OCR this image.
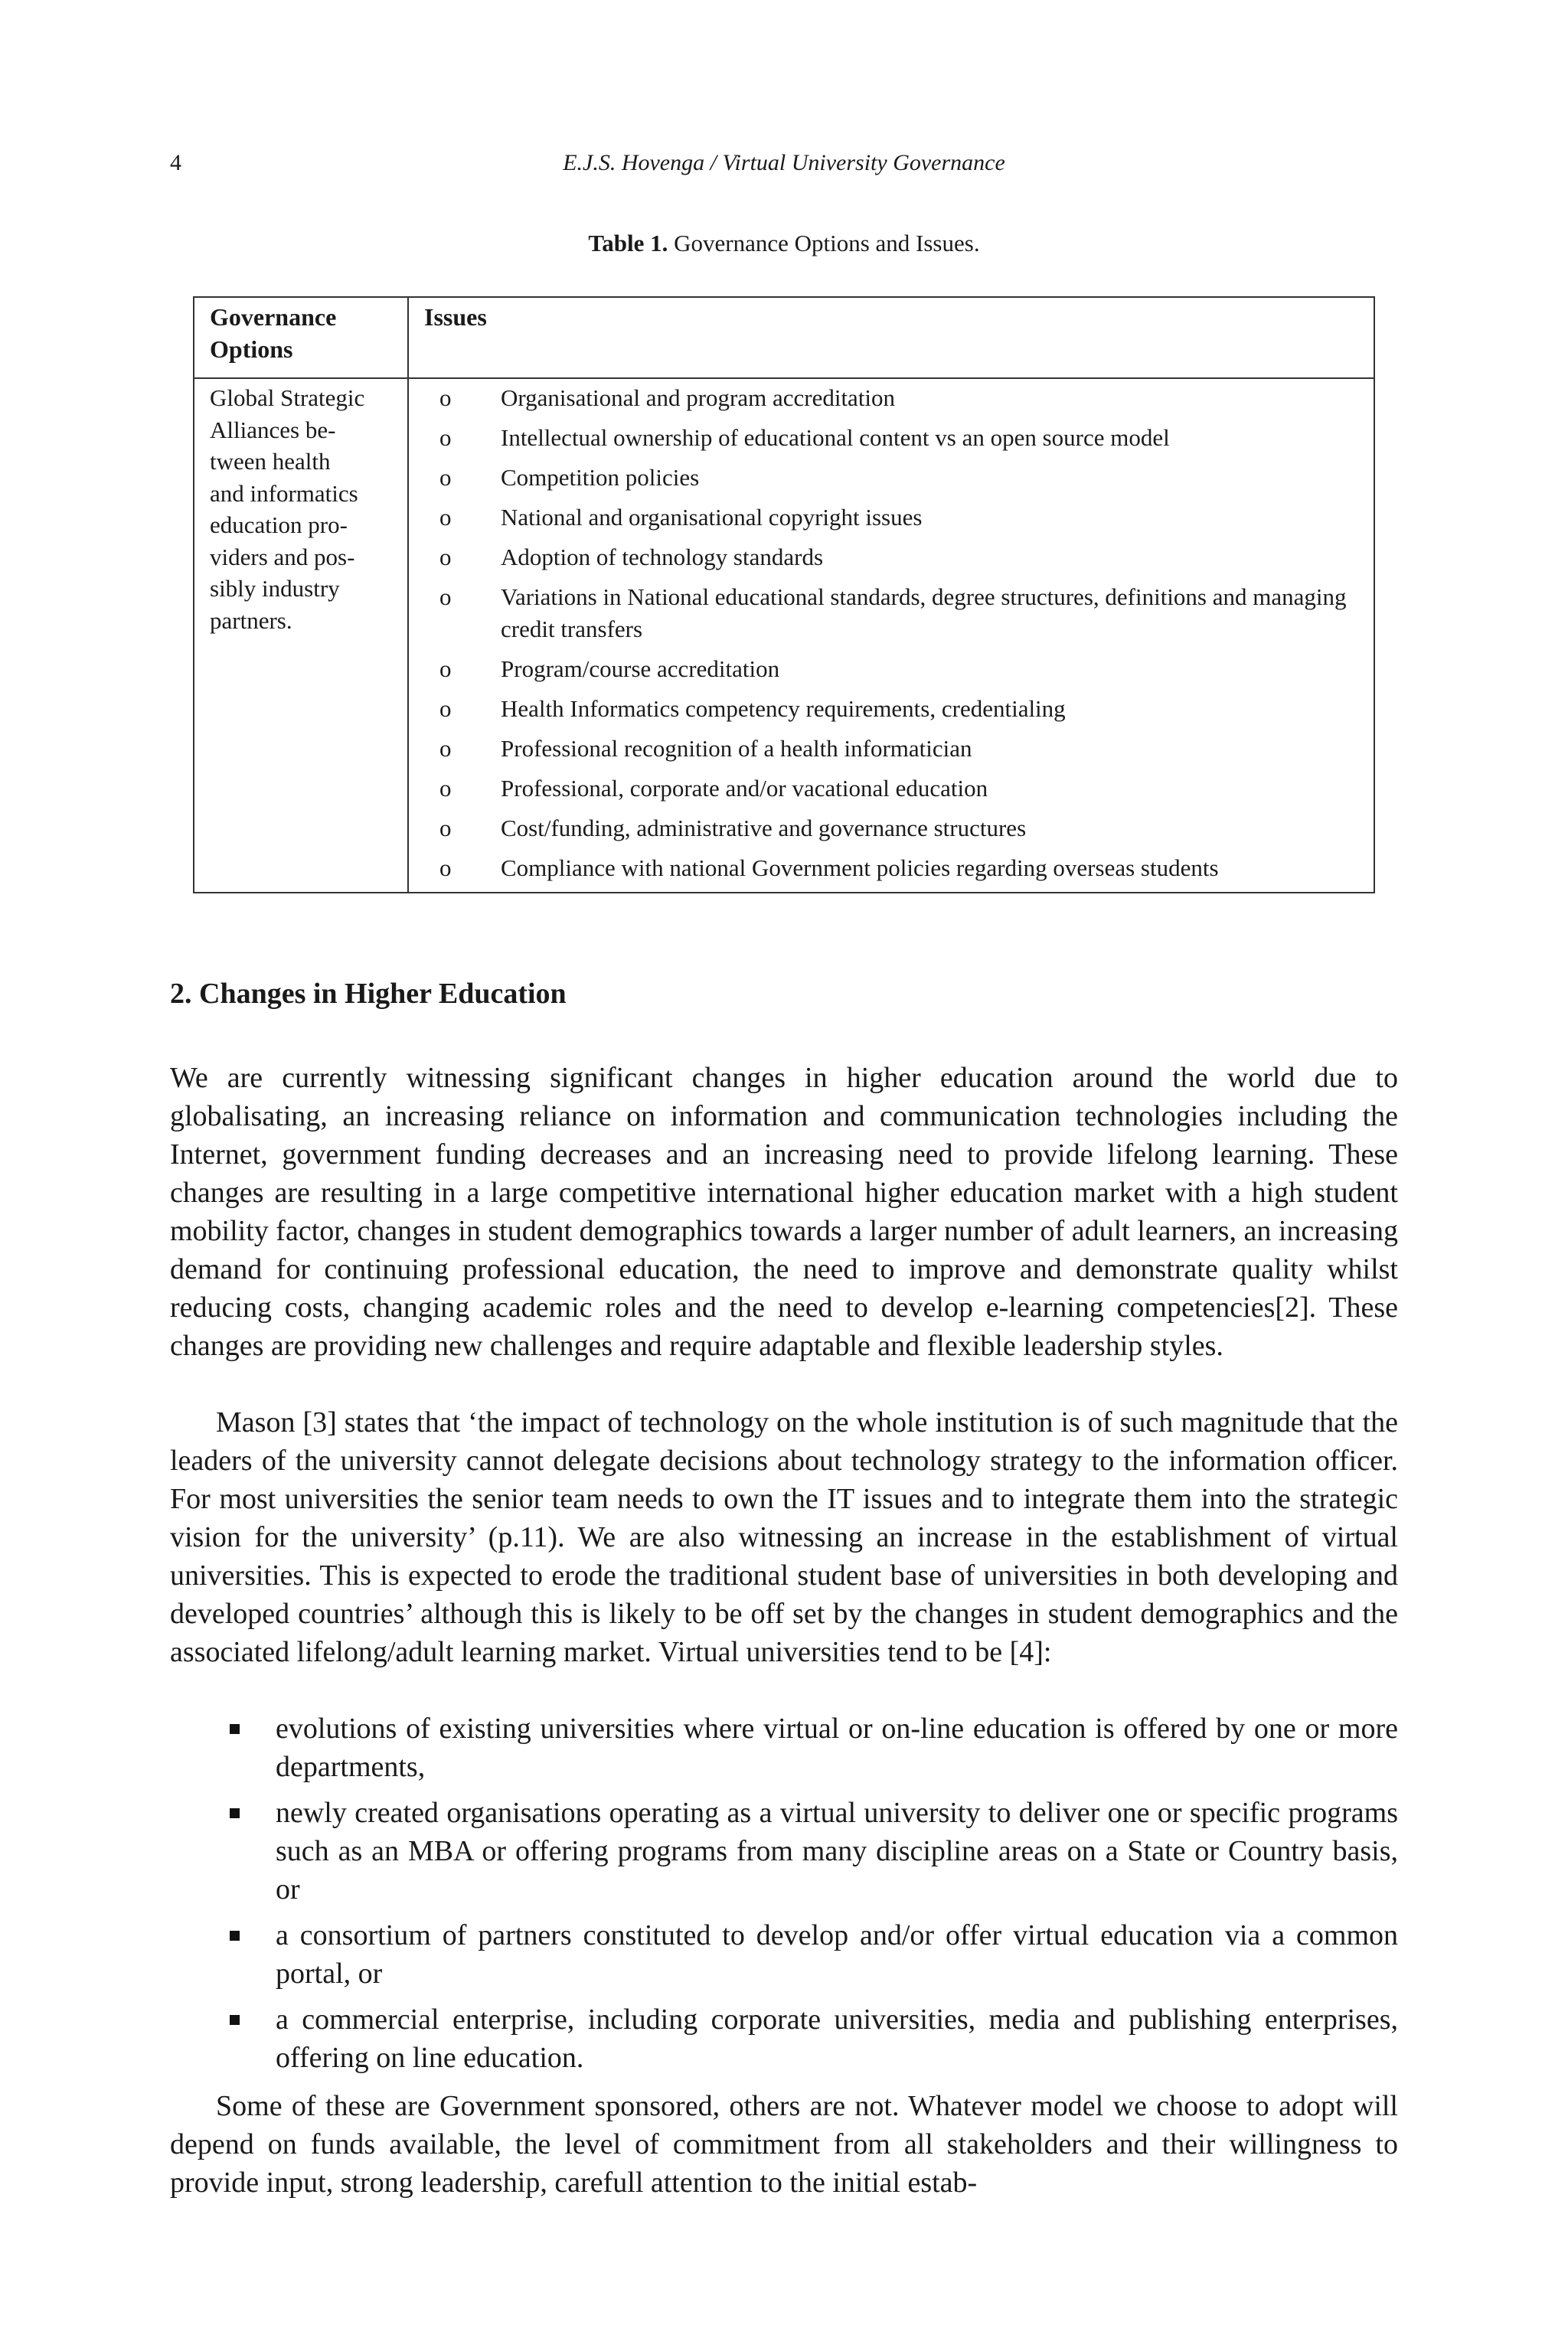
4	E.J.S. Hovenga / Virtual University Governance
Table 1. Governance Options and Issues.
Governance Options
Issues
Global Strategic
Alliances be-
tween health
and informatics
education pro-
viders and pos-
sibly industry
partners.
o Organisational and program accreditation
o Intellectual ownership of educational content vs an open source model
o Competition policies
o National and organisational copyright issues
o Adoption of technology standards
o Variations in National educational standards, degree structures, definitions and managing credit transfers
o Program/course accreditation
o Health Informatics competency requirements, credentialing
o Professional recognition of a health informatician
o Professional, corporate and/or vacational education
o Cost/funding, administrative and governance structures
o Compliance with national Government policies regarding overseas students
2. Changes in Higher Education

We are currently witnessing significant changes in higher education around the world due to globalisating, an increasing reliance on information and communication technologies including the Internet, government funding decreases and an increasing need to provide lifelong learning. These changes are resulting in a large competitive international higher education market with a high student mobility factor, changes in student demographics towards a larger number of adult learners, an increasing demand for continuing professional education, the need to improve and demonstrate quality whilst reducing costs, changing academic roles and the need to develop e-learning competencies[2]. These changes are providing new challenges and require adaptable and flexible leadership styles.

Mason [3] states that ‘the impact of technology on the whole institution is of such magnitude that the leaders of the university cannot delegate decisions about technology strategy to the information officer. For most universities the senior team needs to own the IT issues and to integrate them into the strategic vision for the university’ (p.11). We are also witnessing an increase in the establishment of virtual universities. This is expected to erode the traditional student base of universities in both developing and developed countries’ although this is likely to be off set by the changes in student demographics and the associated lifelong/adult learning market. Virtual universities tend to be [4]:

evolutions of existing universities where virtual or on-line education is offered by one or more departments,
newly created organisations operating as a virtual university to deliver one or specific programs such as an MBA or offering programs from many discipline areas on a State or Country basis, or
a consortium of partners constituted to develop and/or offer virtual education via a common portal, or
a commercial enterprise, including corporate universities, media and publishing enterprises, offering on line education.

Some of these are Government sponsored, others are not. Whatever model we choose to adopt will depend on funds available, the level of commitment from all stakeholders and their willingness to provide input, strong leadership, carefull attention to the initial estab-
